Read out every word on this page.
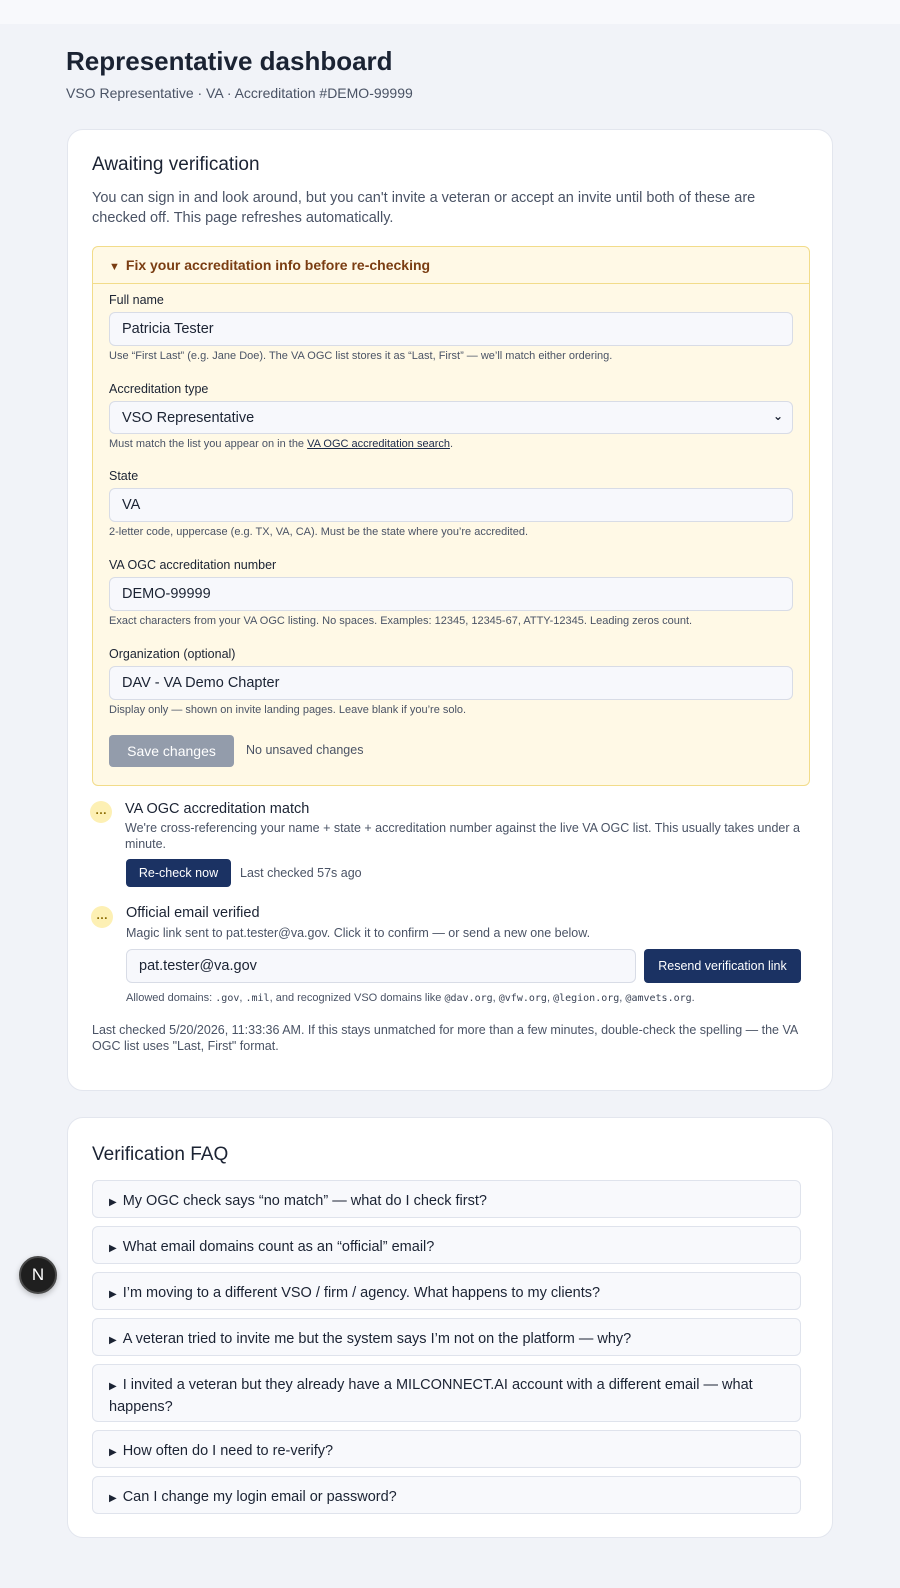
Representative dashboard
VSO Representative · VA · Accreditation #DEMO-99999
Awaiting verification
You can sign in and look around, but you can't invite a veteran or accept an invite until both of these are checked off. This page refreshes automatically.
▼ Fix your accreditation info before re-checking
Full name
Patricia Tester
Use “First Last” (e.g. Jane Doe). The VA OGC list stores it as “Last, First” — we’ll match either ordering.
Accreditation type
VSO Representative
⌄
Must match the list you appear on in the VA OGC accreditation search.
State
VA
2-letter code, uppercase (e.g. TX, VA, CA). Must be the state where you’re accredited.
VA OGC accreditation number
DEMO-99999
Exact characters from your VA OGC listing. No spaces. Examples: 12345, 12345-67, ATTY-12345. Leading zeros count.
Organization (optional)
DAV - VA Demo Chapter
Display only — shown on invite landing pages. Leave blank if you’re solo.
Save changes	No unsaved changes
…	VA OGC accreditation match
We're cross-referencing your name + state + accreditation number against the live VA OGC list. This usually takes under a minute.
Re-check now	Last checked 57s ago
…	Official email verified
Magic link sent to pat.tester@va.gov. Click it to confirm — or send a new one below.
pat.tester@va.gov
Resend verification link
Allowed domains: .gov, .mil, and recognized VSO domains like @dav.org, @vfw.org, @legion.org, @amvets.org.
Last checked 5/20/2026, 11:33:36 AM. If this stays unmatched for more than a few minutes, double-check the spelling — the VA OGC list uses "Last, First" format.
Verification FAQ
▶ My OGC check says “no match” — what do I check first?
▶ What email domains count as an “official” email?
▶ I’m moving to a different VSO / firm / agency. What happens to my clients?
▶ A veteran tried to invite me but the system says I’m not on the platform — why?
▶ I invited a veteran but they already have a MILCONNECT.AI account with a different email — what happens?
▶ How often do I need to re-verify?
▶ Can I change my login email or password?
N
